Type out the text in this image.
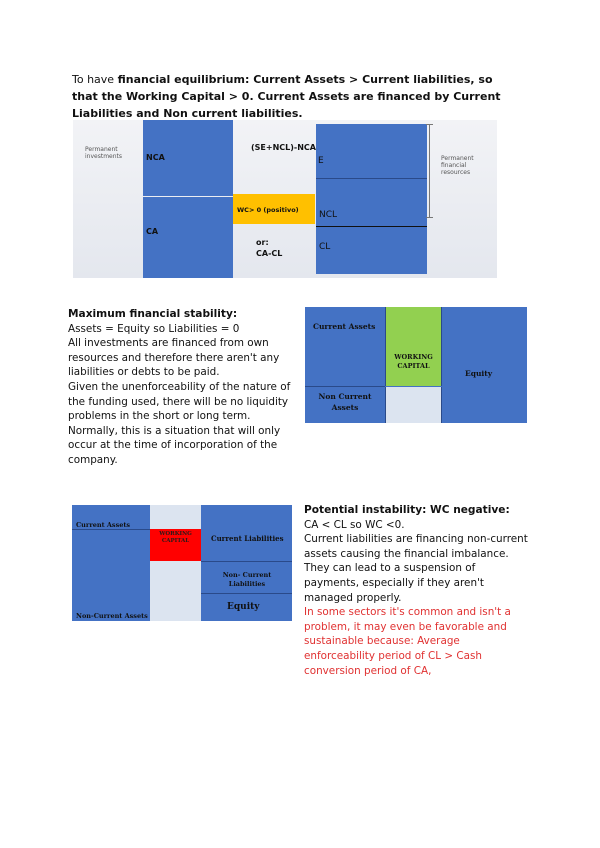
To have financial equilibrium: Current Assets > Current liabilities, so that the Working Capital > 0. Current Assets are financed by Current Liabilities and Non current liabilities.
Permanent investments	NCA
CA
(SE+NCL)-NCA
WC> 0 (positivo)
or:
CA-CL
E
NCL
CL
Permanent financial resources
Maximum financial stability:

Assets = Equity so Liabilities = 0

All investments are financed from own resources and therefore there aren't any liabilities or debts to be paid.

Given the unenforceability of the nature of the funding used, there will be no liquidity problems in the short or long term.

Normally, this is a situation that will only occur at the time of incorporation of the company.

Current Assets
WORKING CAPITAL
Non Current Assets
Equity
Current Assets
Non-Current Assets
WORKING CAPITAL	Current Liabilities
Non- Current Liabilities
Equity
Potential instability: WC negative:

CA < CL so WC <0.

Current liabilities are financing non-current assets causing the financial imbalance. They can lead to a suspension of payments, especially if they aren't managed properly.

In some sectors it's common and isn't a problem, it may even be favorable and sustainable because: Average enforceability period of CL > Cash conversion period of CA,
